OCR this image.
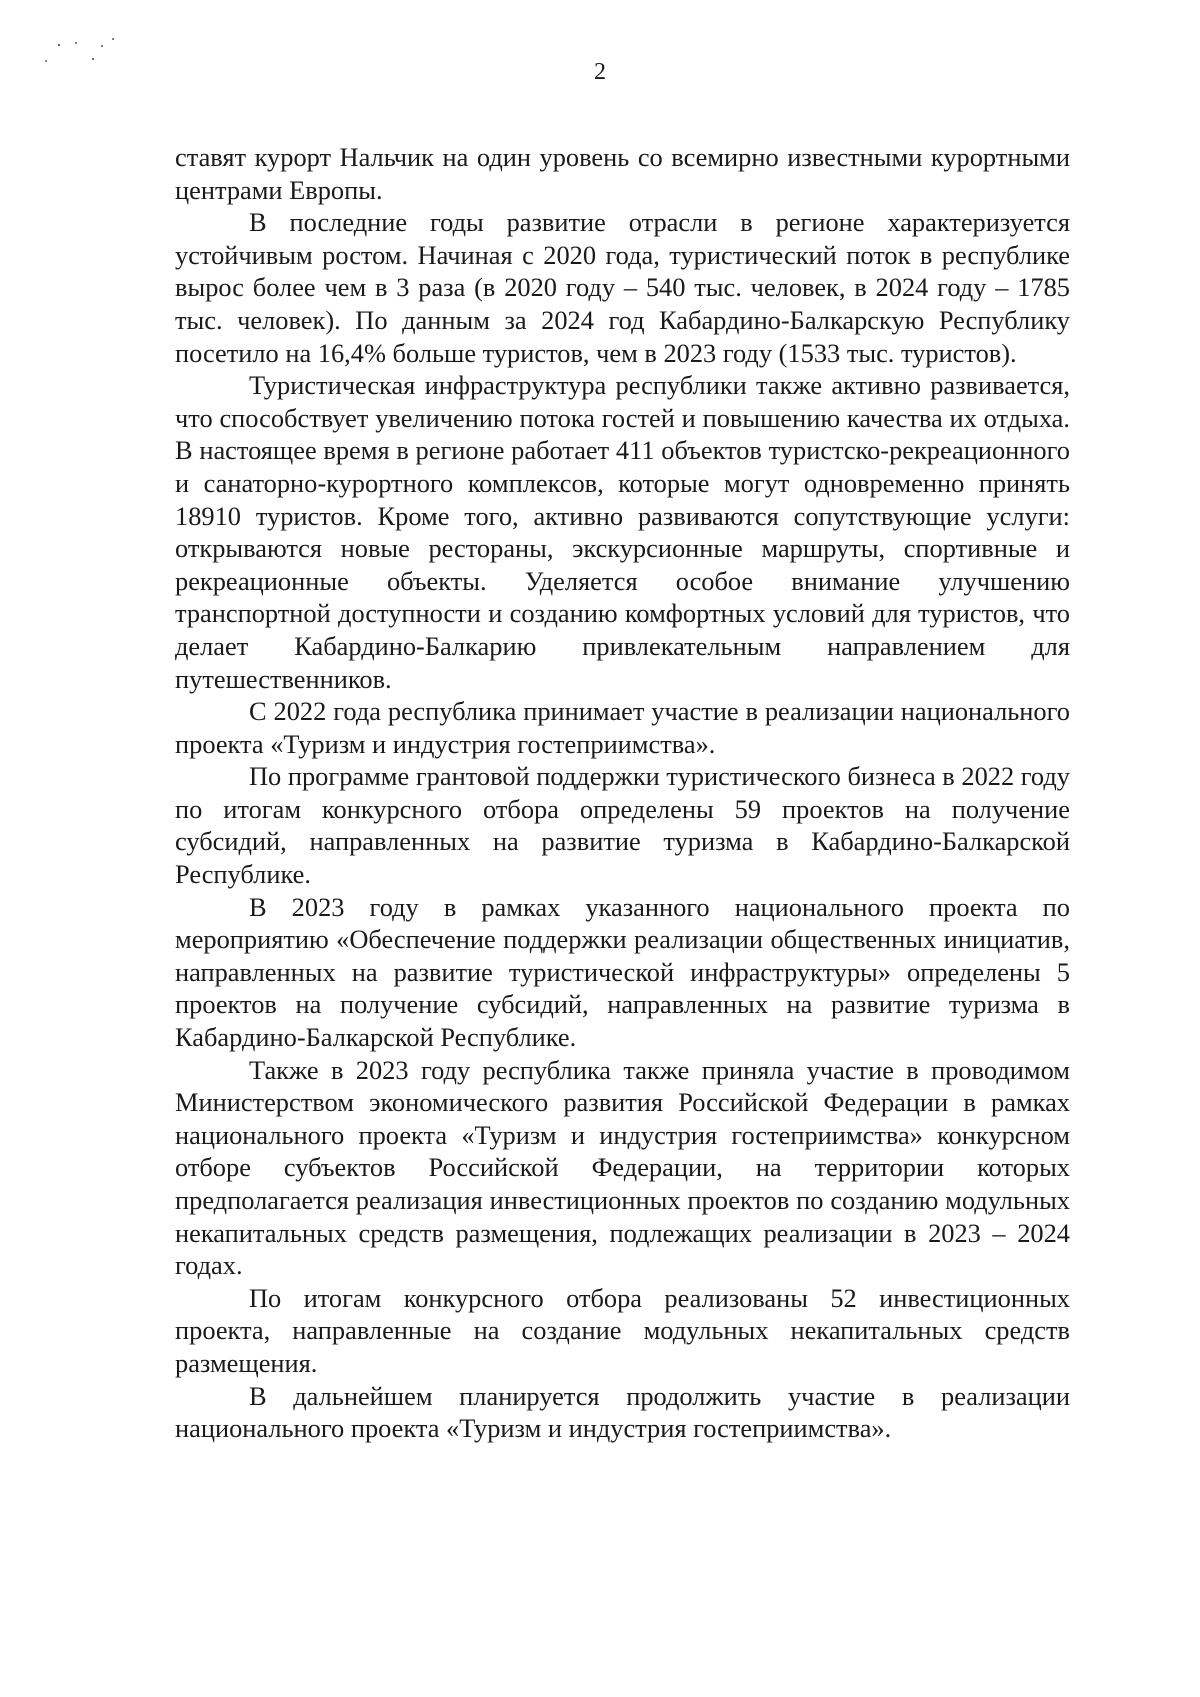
2

ставят курорт Нальчик на один уровень со всемирно известными курортными центрами Европы.

В последние годы развитие отрасли в регионе характеризуется устойчивым ростом. Начиная с 2020 года, туристический поток в республике вырос более чем в 3 раза (в 2020 году – 540 тыс. человек, в 2024 году – 1785 тыс. человек). По данным за 2024 год Кабардино-Балкарскую Республику посетило на 16,4% больше туристов, чем в 2023 году (1533 тыс. туристов).

Туристическая инфраструктура республики также активно развивается, что способствует увеличению потока гостей и повышению качества их отдыха. В настоящее время в регионе работает 411 объектов туристско-рекреационного и санаторно-курортного комплексов, которые могут одновременно принять 18910 туристов. Кроме того, активно развиваются сопутствующие услуги: открываются новые рестораны, экскурсионные маршруты, спортивные и рекреационные объекты. Уделяется особое внимание улучшению транспортной доступности и созданию комфортных условий для туристов, что делает Кабардино-Балкарию привлекательным направлением для путешественников.

С 2022 года республика принимает участие в реализации национального проекта «Туризм и индустрия гостеприимства».

По программе грантовой поддержки туристического бизнеса в 2022 году по итогам конкурсного отбора определены 59 проектов на получение субсидий, направленных на развитие туризма в Кабардино-Балкарской Республике.

В 2023 году в рамках указанного национального проекта по мероприятию «Обеспечение поддержки реализации общественных инициатив, направленных на развитие туристической инфраструктуры» определены 5 проектов на получение субсидий, направленных на развитие туризма в Кабардино-Балкарской Республике.

Также в 2023 году республика также приняла участие в проводимом Министерством экономического развития Российской Федерации в рамках национального проекта «Туризм и индустрия гостеприимства» конкурсном отборе субъектов Российской Федерации, на территории которых предполагается реализация инвестиционных проектов по созданию модульных некапитальных средств размещения, подлежащих реализации в 2023 – 2024 годах.

По итогам конкурсного отбора реализованы 52 инвестиционных проекта, направленные на создание модульных некапитальных средств размещения.

В дальнейшем планируется продолжить участие в реализации национального проекта «Туризм и индустрия гостеприимства».
